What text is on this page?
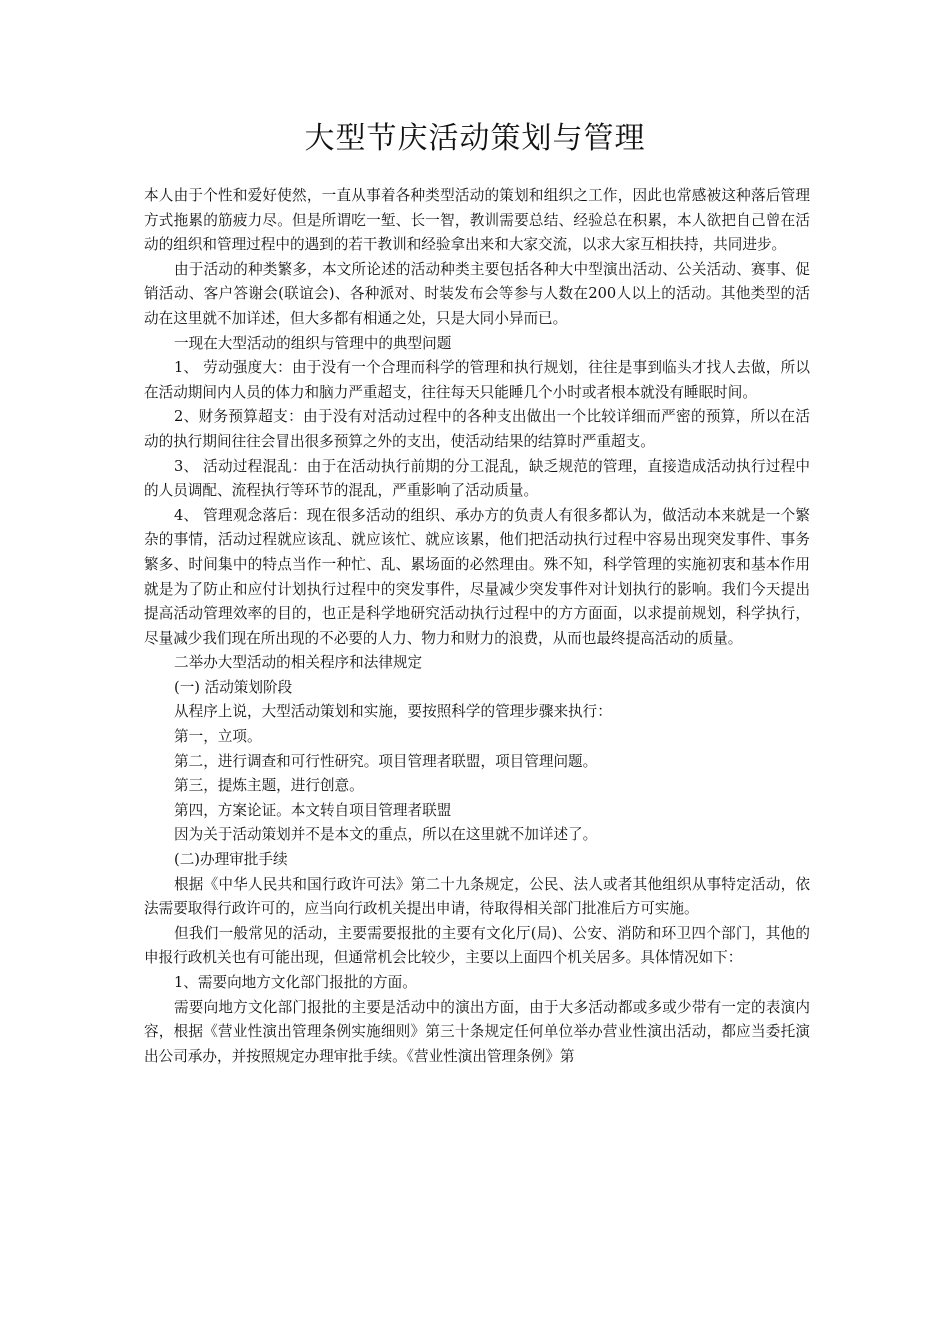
大型节庆活动策划与管理

本人由于个性和爱好使然，一直从事着各种类型活动的策划和组织之工作，因此也常感被这种落后管理方式拖累的筋疲力尽。但是所谓吃一堑、长一智，教训需要总结、经验总在积累，本人欲把自己曾在活动的组织和管理过程中的遇到的若干教训和经验拿出来和大家交流，以求大家互相扶持，共同进步。

由于活动的种类繁多，本文所论述的活动种类主要包括各种大中型演出活动、公关活动、赛事、促销活动、客户答谢会(联谊会)、各种派对、时装发布会等参与人数在200人以上的活动。其他类型的活动在这里就不加详述，但大多都有相通之处，只是大同小异而已。

一现在大型活动的组织与管理中的典型问题

1、 劳动强度大：由于没有一个合理而科学的管理和执行规划，往往是事到临头才找人去做，所以在活动期间内人员的体力和脑力严重超支，往往每天只能睡几个小时或者根本就没有睡眠时间。

2、财务预算超支：由于没有对活动过程中的各种支出做出一个比较详细而严密的预算，所以在活动的执行期间往往会冒出很多预算之外的支出，使活动结果的结算时严重超支。

3、 活动过程混乱：由于在活动执行前期的分工混乱，缺乏规范的管理，直接造成活动执行过程中的人员调配、流程执行等环节的混乱，严重影响了活动质量。

4、 管理观念落后：现在很多活动的组织、承办方的负责人有很多都认为，做活动本来就是一个繁杂的事情，活动过程就应该乱、就应该忙、就应该累，他们把活动执行过程中容易出现突发事件、事务繁多、时间集中的特点当作一种忙、乱、累场面的必然理由。殊不知，科学管理的实施初衷和基本作用就是为了防止和应付计划执行过程中的突发事件，尽量减少突发事件对计划执行的影响。我们今天提出提高活动管理效率的目的，也正是科学地研究活动执行过程中的方方面面，以求提前规划，科学执行，尽量减少我们现在所出现的不必要的人力、物力和财力的浪费，从而也最终提高活动的质量。

二举办大型活动的相关程序和法律规定

(一) 活动策划阶段

从程序上说，大型活动策划和实施，要按照科学的管理步骤来执行：

第一，立项。

第二，进行调查和可行性研究。项目管理者联盟，项目管理问题。

第三，提炼主题，进行创意。

第四，方案论证。本文转自项目管理者联盟

因为关于活动策划并不是本文的重点，所以在这里就不加详述了。

(二)办理审批手续

根据《中华人民共和国行政许可法》第二十九条规定，公民、法人或者其他组织从事特定活动，依法需要取得行政许可的，应当向行政机关提出申请，待取得相关部门批准后方可实施。

但我们一般常见的活动，主要需要报批的主要有文化厅(局)、公安、消防和环卫四个部门，其他的申报行政机关也有可能出现，但通常机会比较少，主要以上面四个机关居多。具体情况如下：

1、需要向地方文化部门报批的方面。

需要向地方文化部门报批的主要是活动中的演出方面，由于大多活动都或多或少带有一定的表演内容，根据《营业性演出管理条例实施细则》第三十条规定任何单位举办营业性演出活动，都应当委托演出公司承办，并按照规定办理审批手续。《营业性演出管理条例》第
